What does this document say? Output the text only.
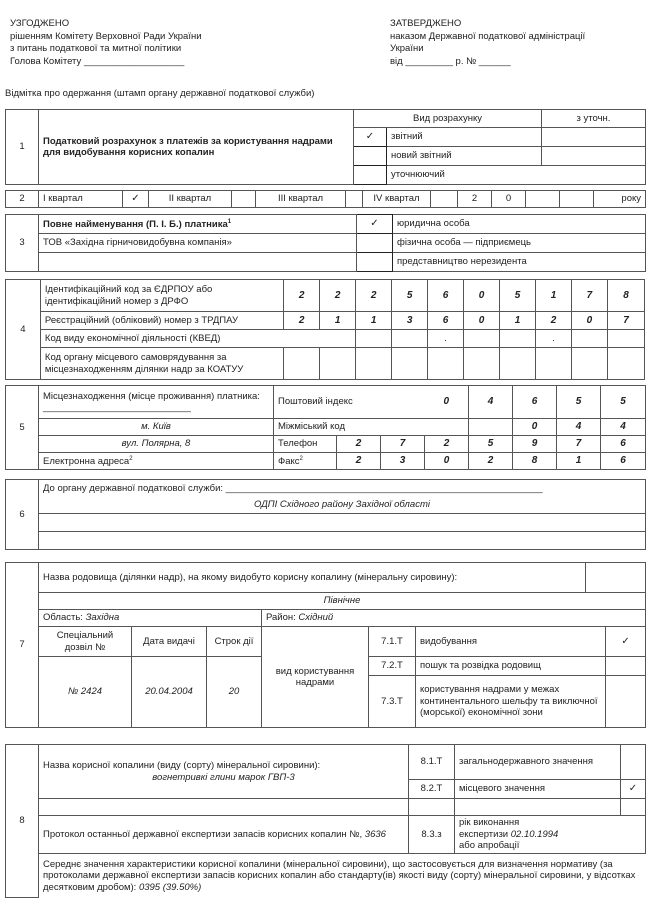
УЗГОДЖЕНО
рішенням Комітету Верховної Ради України
з питань податкової та митної політики
Голова Комітету ___________________
ЗАТВЕРДЖЕНО
наказом Державної податкової адміністрації
України
від _________ р. № ______
Відмітка про одержання (штамп органу державної податкової служби)
1	Податковий розрахунок з платежів за користування надрами для видобування корисних копалин	Вид розрахунку		з уточн.
		✓	звітний	
			новий звітний	
			уточнюючий	
2	І квартал	✓	ІІ квартал		ІІІ квартал		ІV квартал		2	0			року
3	Повне найменування (П. І. Б.) платника$^1$	✓	юридична особа
	ТОВ «Західна гірничовидобувна компанія»		фізична особа — підприємець
			представництво нерезидента
4	Ідентифікаційний код за ЄДРПОУ або ідентифікаційний номер з ДРФО	2	2	2	5	6	0	5	1	7	8
	Реєстраційний (обліковий) номер з ТРДПАУ	2	1	1	3	6	0	1	2	0	7
	Код виду економічної діяльності (КВЕД)					.			.		
	Код органу місцевого самоврядування за місцезнаходженням ділянки надр за КОАТУУ										
5	Місцезнаходження (місце проживання) платника: ____________________________	Поштовий індекс			0	4	6	5	5
	м. Київ	Міжміський код					0	4	4
	вул. Полярна, 8	Телефон	2	7	2	5	9	7	6
	Електронна адреса$^2$	Факс$^2$	2	3	0	2	8	1	6
6	До органу державної податкової служби: ____________________________________________________________
ОДПІ Східного району Західної області

7	Назва родовища (ділянки надр), на якому видобуто корисну копалину (мінеральну сировину):							
	Північне							
	Область: Західна			Район: Східний				
	Спеціальний дозвіл №	Дата видачі	Строк дії	вид користування надрами	7.1.Т	видобування		✓
	№ 2424	20.04.2004	20		7.2.Т	пошук та розвідка родовищ		
					7.3.Т	користування надрами у межах континентального шельфу та виключної (морської) економічної зони		
8	Назва корисної копалини (виду (сорту) мінеральної сировини):
вогнетривкі глини марок ГВП-3	8.1.Т	загальнодержавного значення	
		8.2.Т	місцевого значення	✓

	Протокол останньої державної експертизи запасів корисних копалин №, 3636	8.3.з	рік виконання
експертизи 02.10.1994
або апробації	

	Середнє значення характеристики корисної копалини (мінеральної сировини), що застосовується для визначення нормативу (за протоколами державної експертизи запасів корисних копалин або стандарту(ів) якості виду (сорту) мінеральної сировини, у відсотках десятковим дробом): 0395 (39.50%)			
